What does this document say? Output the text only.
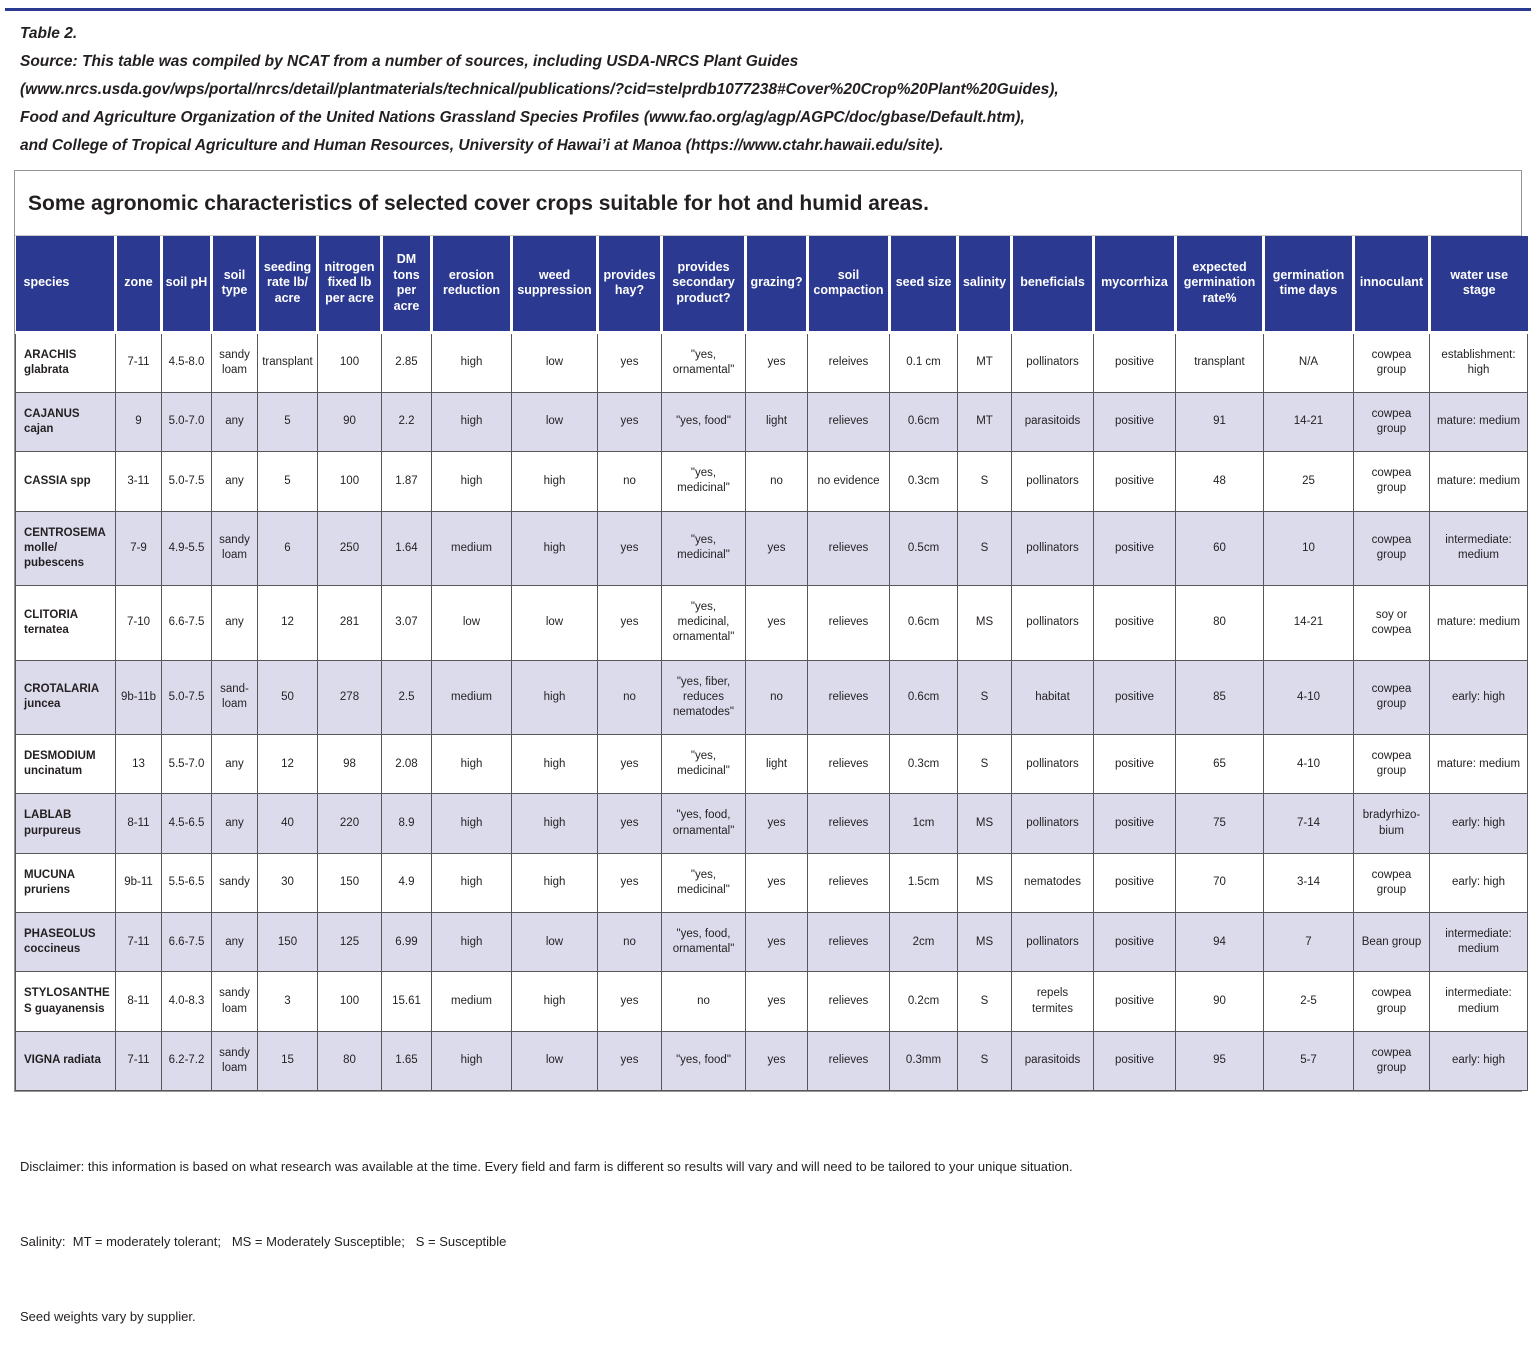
Table 2.
Source: This table was compiled by NCAT from a number of sources, including USDA-NRCS Plant Guides
(www.nrcs.usda.gov/wps/portal/nrcs/detail/plantmaterials/technical/publications/?cid=stelprdb1077238#Cover%20Crop%20Plant%20Guides),
Food and Agriculture Organization of the United Nations Grassland Species Profiles (www.fao.org/ag/agp/AGPC/doc/gbase/Default.htm),
and College of Tropical Agriculture and Human Resources, University of Hawai’i at Manoa (https://www.ctahr.hawaii.edu/site).
Some agronomic characteristics of selected cover crops suitable for hot and humid areas.
species	zone	soil pH	soil type	seeding rate lb/ acre	nitrogen fixed lb per acre	DM tons per acre	erosion reduction	weed suppression	provides hay?	provides secondary product?	grazing?	soil compaction	seed size	salinity	beneficials	mycorrhiza	expected germination rate%	germination time days	innoculant	water use stage
ARACHIS glabrata	7-11	4.5-8.0	sandy loam	transplant	100	2.85	high	low	yes	"yes, ornamental"	yes	releives	0.1 cm	MT	pollinators	positive	transplant	N/A	cowpea group	establishment: high
CAJANUS cajan	9	5.0-7.0	any	5	90	2.2	high	low	yes	"yes, food"	light	relieves	0.6cm	MT	parasitoids	positive	91	14-21	cowpea group	mature: medium
CASSIA spp	3-11	5.0-7.5	any	5	100	1.87	high	high	no	"yes, medicinal"	no	no evidence	0.3cm	S	pollinators	positive	48	25	cowpea group	mature: medium
CENTROSEMA molle/ pubescens	7-9	4.9-5.5	sandy loam	6	250	1.64	medium	high	yes	"yes, medicinal"	yes	relieves	0.5cm	S	pollinators	positive	60	10	cowpea group	intermediate: medium
CLITORIA ternatea	7-10	6.6-7.5	any	12	281	3.07	low	low	yes	"yes, medicinal, ornamental"	yes	relieves	0.6cm	MS	pollinators	positive	80	14-21	soy or cowpea	mature: medium
CROTALARIA juncea	9b-11b	5.0-7.5	sand- loam	50	278	2.5	medium	high	no	"yes, fiber, reduces nematodes"	no	relieves	0.6cm	S	habitat	positive	85	4-10	cowpea group	early: high
DESMODIUM uncinatum	13	5.5-7.0	any	12	98	2.08	high	high	yes	"yes, medicinal"	light	relieves	0.3cm	S	pollinators	positive	65	4-10	cowpea group	mature: medium
LABLAB purpureus	8-11	4.5-6.5	any	40	220	8.9	high	high	yes	"yes, food, ornamental"	yes	relieves	1cm	MS	pollinators	positive	75	7-14	bradyrhizo- bium	early: high
MUCUNA pruriens	9b-11	5.5-6.5	sandy	30	150	4.9	high	high	yes	"yes, medicinal"	yes	relieves	1.5cm	MS	nematodes	positive	70	3-14	cowpea group	early: high
PHASEOLUS coccineus	7-11	6.6-7.5	any	150	125	6.99	high	low	no	"yes, food, ornamental"	yes	relieves	2cm	MS	pollinators	positive	94	7	Bean group	intermediate: medium
STYLOSANTHES guayanensis	8-11	4.0-8.3	sandy loam	3	100	15.61	medium	high	yes	no	yes	relieves	0.2cm	S	repels termites	positive	90	2-5	cowpea group	intermediate: medium
VIGNA radiata	7-11	6.2-7.2	sandy loam	15	80	1.65	high	low	yes	"yes, food"	yes	relieves	0.3mm	S	parasitoids	positive	95	5-7	cowpea group	early: high

Disclaimer: this information is based on what research was available at the time. Every field and farm is different so results will vary and will need to be tailored to your unique situation.

Salinity:  MT = moderately tolerant;   MS = Moderately Susceptible;   S = Susceptible

Seed weights vary by supplier.
